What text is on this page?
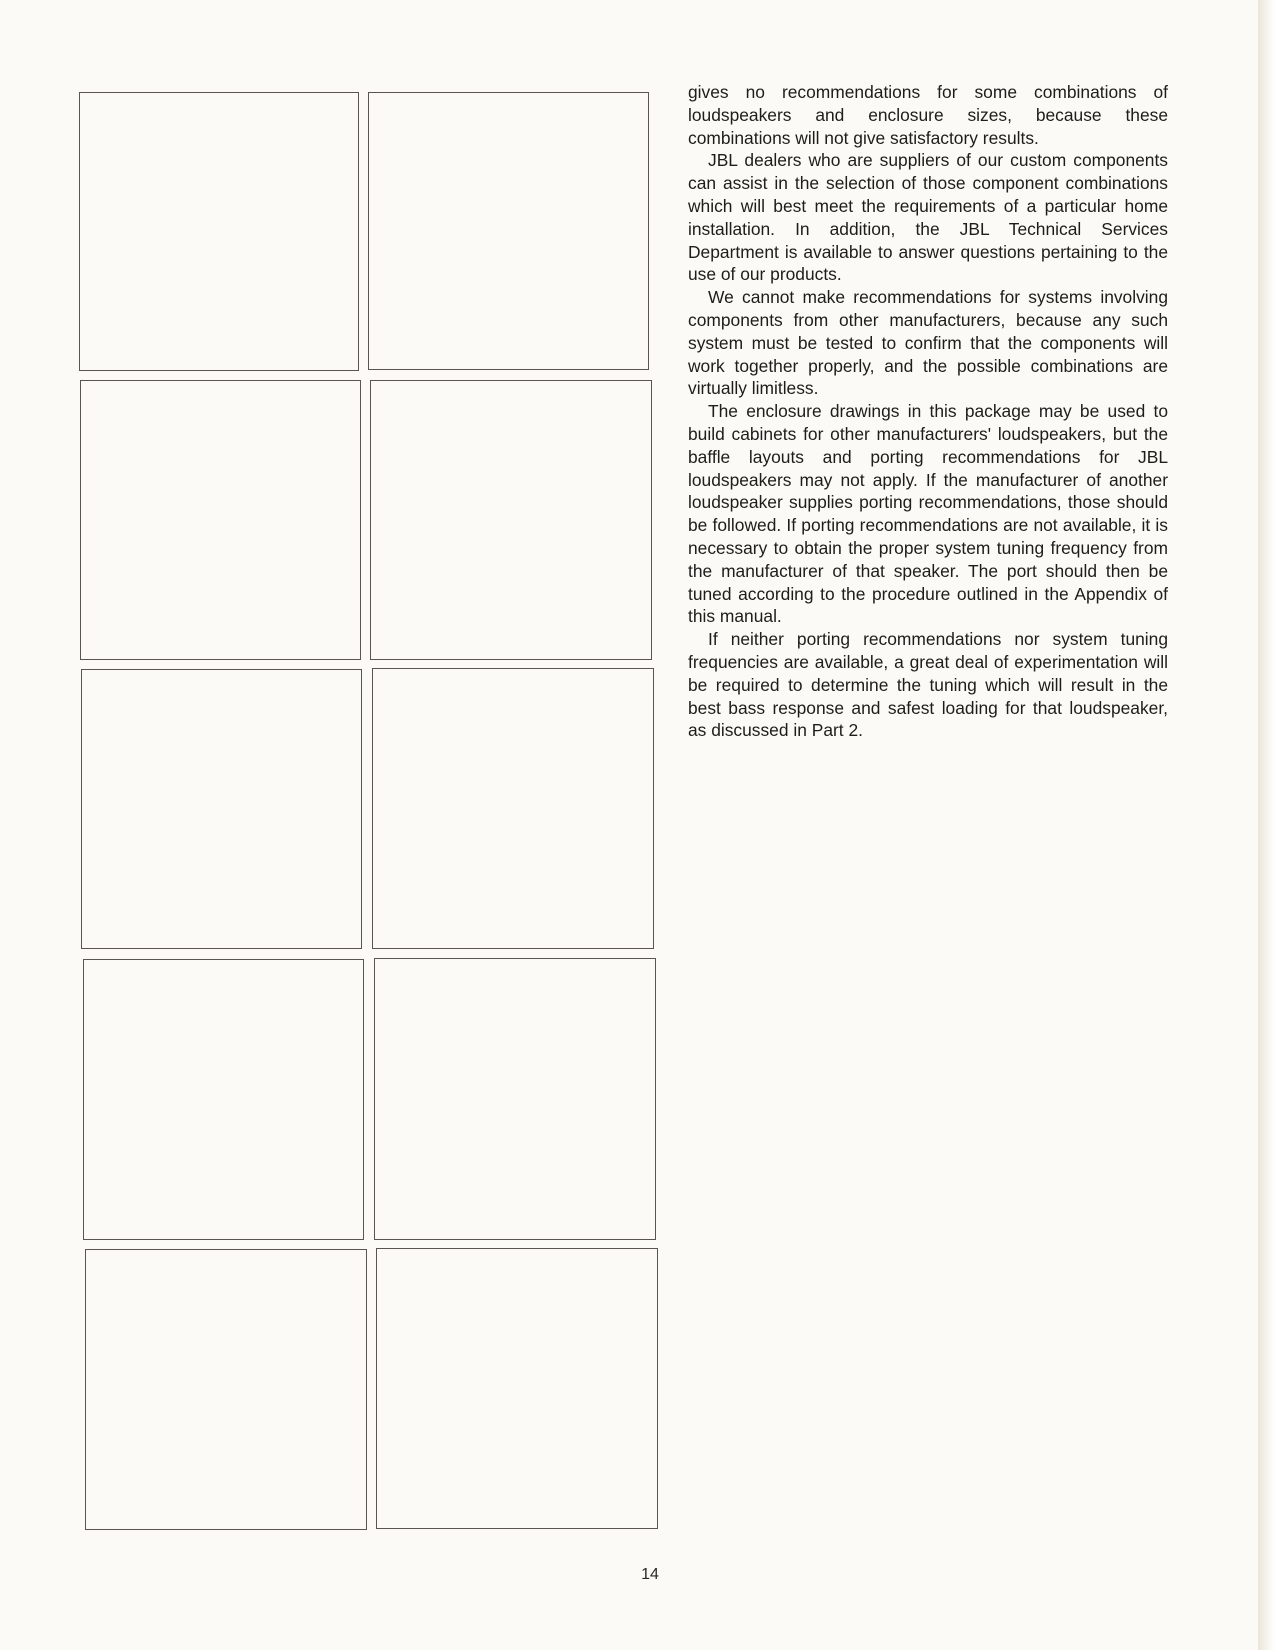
gives no recommendations for some combinations of loudspeakers and enclosure sizes, because these combinations will not give satisfactory results.

JBL dealers who are suppliers of our custom components can assist in the selection of those component combinations which will best meet the requirements of a particular home installation. In addition, the JBL Technical Services Department is available to answer questions pertaining to the use of our products.

We cannot make recommendations for systems involving components from other manufacturers, because any such system must be tested to confirm that the components will work together properly, and the possible combinations are virtually limitless.

The enclosure drawings in this package may be used to build cabinets for other manufacturers' loudspeakers, but the baffle layouts and porting recommendations for JBL loudspeakers may not apply. If the manufacturer of another loudspeaker supplies porting recommendations, those should be followed. If porting recommendations are not available, it is necessary to obtain the proper system tuning frequency from the manufacturer of that speaker. The port should then be tuned according to the procedure outlined in the Appendix of this manual.

If neither porting recommendations nor system tuning frequencies are available, a great deal of experimentation will be required to determine the tuning which will result in the best bass response and safest loading for that loudspeaker, as discussed in Part 2.

14
